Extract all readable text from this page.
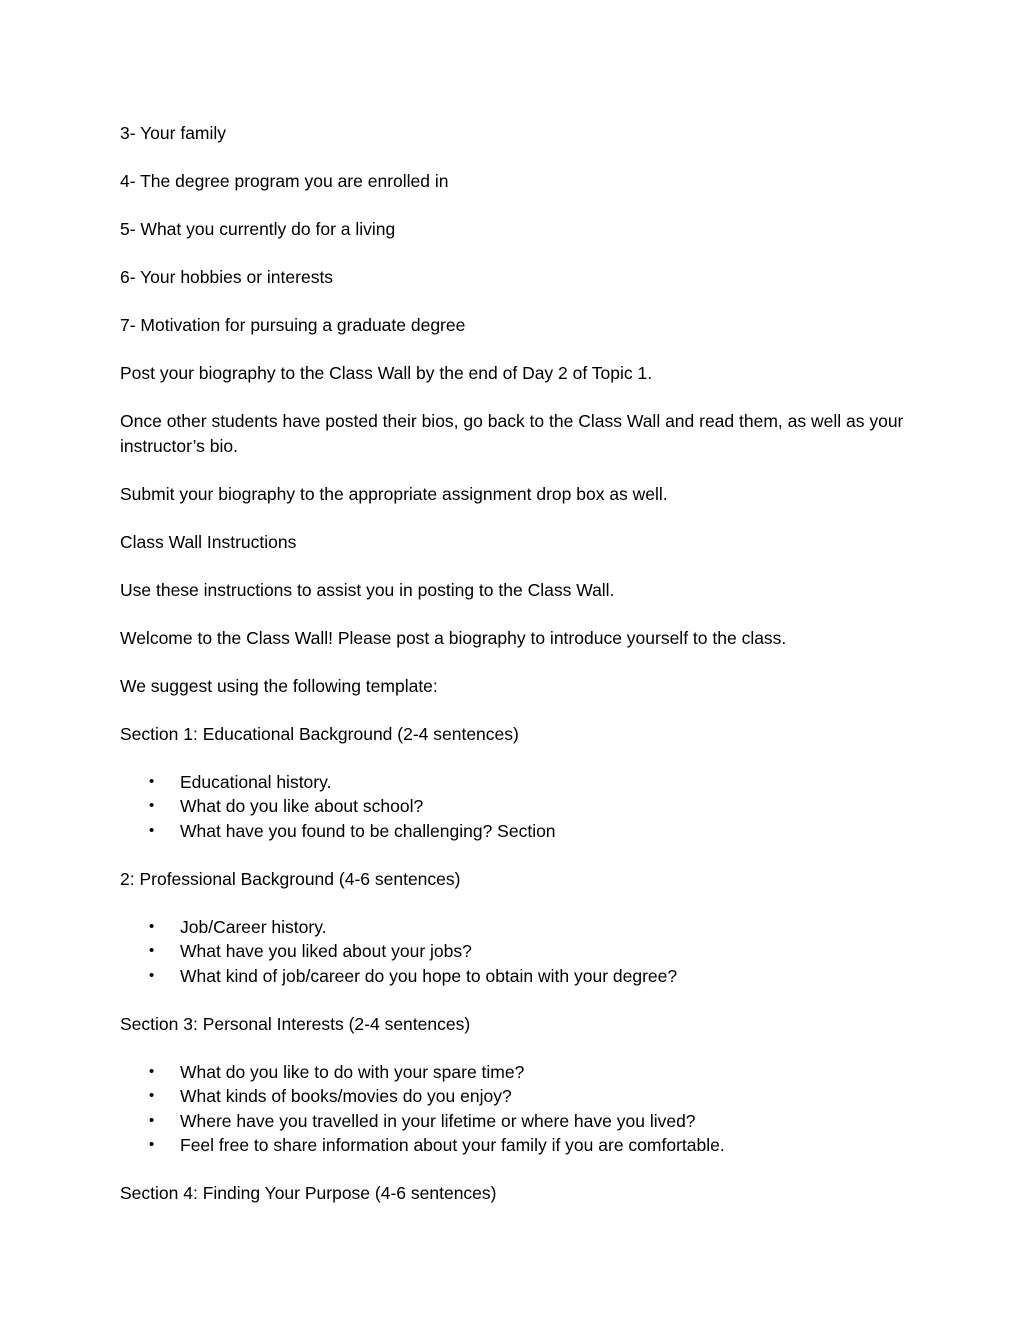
3- Your family

4- The degree program you are enrolled in

5- What you currently do for a living

6- Your hobbies or interests

7- Motivation for pursuing a graduate degree

Post your biography to the Class Wall by the end of Day 2 of Topic 1.

Once other students have posted their bios, go back to the Class Wall and read them, as well as your instructor’s bio.

Submit your biography to the appropriate assignment drop box as well.

Class Wall Instructions

Use these instructions to assist you in posting to the Class Wall.

Welcome to the Class Wall! Please post a biography to introduce yourself to the class.

We suggest using the following template:

Section 1: Educational Background (2-4 sentences)

• Educational history.
• What do you like about school?
• What have you found to be challenging? Section

2: Professional Background (4-6 sentences)

• Job/Career history.
• What have you liked about your jobs?
• What kind of job/career do you hope to obtain with your degree?

Section 3: Personal Interests (2-4 sentences)

• What do you like to do with your spare time?
• What kinds of books/movies do you enjoy?
• Where have you travelled in your lifetime or where have you lived?
• Feel free to share information about your family if you are comfortable.

Section 4: Finding Your Purpose (4-6 sentences)
